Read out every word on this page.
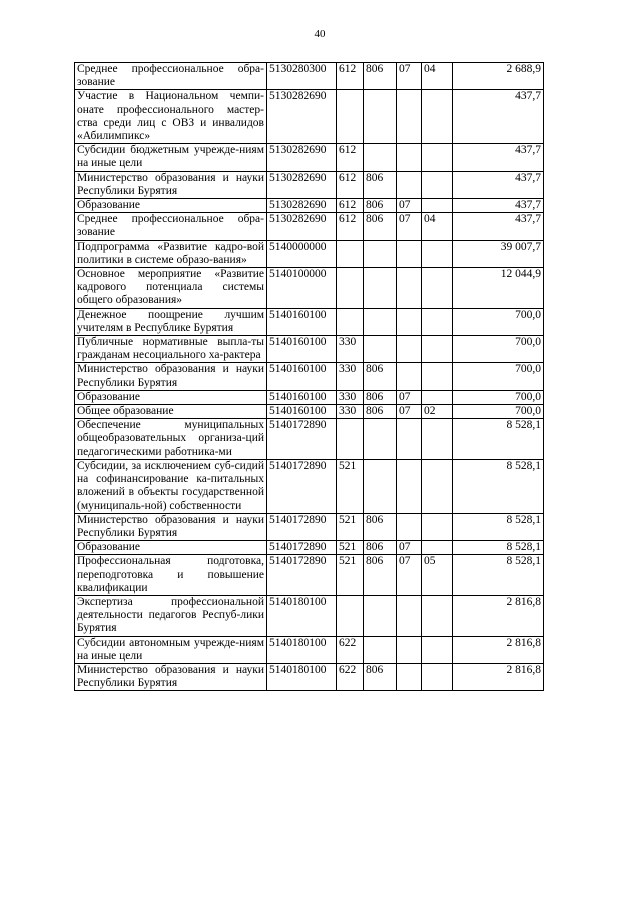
40
Среднее профессиональное обра-зование	5130280300	612	806	07	04	2 688,9
Участие в Национальном чемпи-онате профессионального мастер-ства среди лиц с ОВЗ и инвалидов «Абилимпикс»	5130282690					437,7
Субсидии бюджетным учрежде-ниям на иные цели	5130282690	612				437,7
Министерство образования и науки Республики Бурятия	5130282690	612	806			437,7
Образование	5130282690	612	806	07		437,7
Среднее профессиональное обра-зование	5130282690	612	806	07	04	437,7
Подпрограмма «Развитие кадро-вой политики в системе образо-вания»	5140000000					39 007,7
Основное мероприятие «Развитие кадрового потенциала системы общего образования»	5140100000					12 044,9
Денежное поощрение лучшим учителям в Республике Бурятия	5140160100					700,0
Публичные нормативные выпла-ты гражданам несоциального ха-рактера	5140160100	330				700,0
Министерство образования и науки Республики Бурятия	5140160100	330	806			700,0
Образование	5140160100	330	806	07		700,0
Общее образование	5140160100	330	806	07	02	700,0
Обеспечение муниципальных общеобразовательных организа-ций педагогическими работника-ми	5140172890					8 528,1
Субсидии, за исключением суб-сидий на софинансирование ка-питальных вложений в объекты государственной (муниципаль-ной) собственности	5140172890	521				8 528,1
Министерство образования и науки Республики Бурятия	5140172890	521	806			8 528,1
Образование	5140172890	521	806	07		8 528,1
Профессиональная подготовка, переподготовка и повышение квалификации	5140172890	521	806	07	05	8 528,1
Экспертиза профессиональной деятельности педагогов Респуб-лики Бурятия	5140180100					2 816,8
Субсидии автономным учрежде-ниям на иные цели	5140180100	622				2 816,8
Министерство образования и науки Республики Бурятия	5140180100	622	806			2 816,8
